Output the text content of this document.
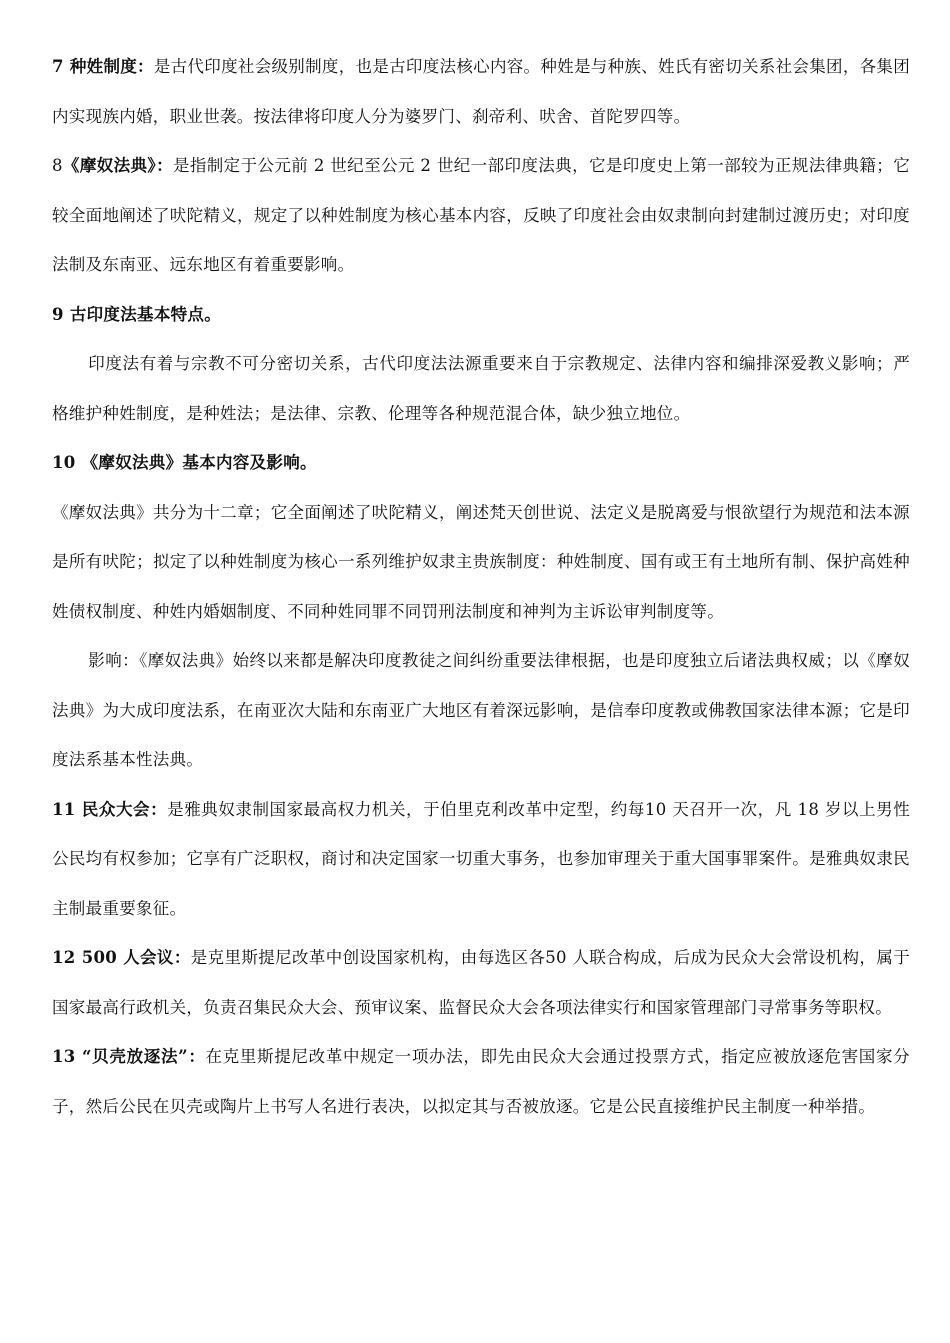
7 种姓制度：是古代印度社会级别制度，也是古印度法核心内容。种姓是与种族、姓氏有密切关系社会集团，各集团内实现族内婚，职业世袭。按法律将印度人分为婆罗门、刹帝利、吠舍、首陀罗四等。

8《摩奴法典》：是指制定于公元前 2 世纪至公元 2 世纪一部印度法典，它是印度史上第一部较为正规法律典籍；它较全面地阐述了吠陀精义，规定了以种姓制度为核心基本内容，反映了印度社会由奴隶制向封建制过渡历史；对印度法制及东南亚、远东地区有着重要影响。

9 古印度法基本特点。

印度法有着与宗教不可分密切关系，古代印度法法源重要来自于宗教规定、法律内容和编排深爱教义影响；严格维护种姓制度，是种姓法；是法律、宗教、伦理等各种规范混合体，缺少独立地位。

10 《摩奴法典》基本内容及影响。

《摩奴法典》共分为十二章；它全面阐述了吠陀精义，阐述梵天创世说、法定义是脱离爱与恨欲望行为规范和法本源是所有吠陀；拟定了以种姓制度为核心一系列维护奴隶主贵族制度：种姓制度、国有或王有土地所有制、保护高姓种姓债权制度、种姓内婚姻制度、不同种姓同罪不同罚刑法制度和神判为主诉讼审判制度等。

影响：《摩奴法典》始终以来都是解决印度教徒之间纠纷重要法律根据，也是印度独立后诸法典权威；以《摩奴法典》为大成印度法系，在南亚次大陆和东南亚广大地区有着深远影响，是信奉印度教或佛教国家法律本源；它是印度法系基本性法典。

11 民众大会：是雅典奴隶制国家最高权力机关，于伯里克利改革中定型，约每10 天召开一次，凡 18 岁以上男性公民均有权参加；它享有广泛职权，商讨和决定国家一切重大事务，也参加审理关于重大国事罪案件。是雅典奴隶民主制最重要象征。

12 500 人会议：是克里斯提尼改革中创设国家机构，由每选区各50 人联合构成，后成为民众大会常设机构，属于国家最高行政机关，负责召集民众大会、预审议案、监督民众大会各项法律实行和国家管理部门寻常事务等职权。

13 “贝壳放逐法”：在克里斯提尼改革中规定一项办法，即先由民众大会通过投票方式，指定应被放逐危害国家分子，然后公民在贝壳或陶片上书写人名进行表决，以拟定其与否被放逐。它是公民直接维护民主制度一种举措。
